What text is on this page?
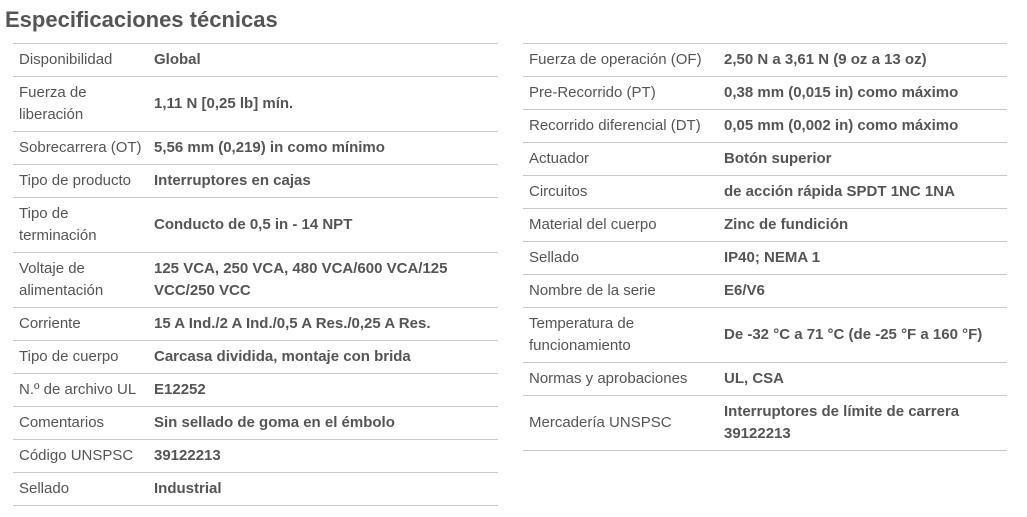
Especificaciones técnicas
Disponibilidad	Global
Fuerza de liberación	1,11 N [0,25 lb] mín.
Sobrecarrera (OT)	5,56 mm (0,219) in como mínimo
Tipo de producto	Interruptores en cajas
Tipo de terminación	Conducto de 0,5 in - 14 NPT
Voltaje de alimentación	125 VCA, 250 VCA, 480 VCA/600 VCA/125 VCC/250 VCC
Corriente	15 A Ind./2 A Ind./0,5 A Res./0,25 A Res.
Tipo de cuerpo	Carcasa dividida, montaje con brida
N.º de archivo UL	E12252
Comentarios	Sin sellado de goma en el émbolo
Código UNSPSC	39122213
Sellado	Industrial
Fuerza de operación (OF)	2,50 N a 3,61 N (9 oz a 13 oz)
Pre-Recorrido (PT)	0,38 mm (0,015 in) como máximo
Recorrido diferencial (DT)	0,05 mm (0,002 in) como máximo
Actuador	Botón superior
Circuitos	de acción rápida SPDT 1NC 1NA
Material del cuerpo	Zinc de fundición
Sellado	IP40; NEMA 1
Nombre de la serie	E6/V6
Temperatura de funcionamiento	De -32 °C a 71 °C (de -25 °F a 160 °F)
Normas y aprobaciones	UL, CSA
Mercadería UNSPSC	Interruptores de límite de carrera 39122213
